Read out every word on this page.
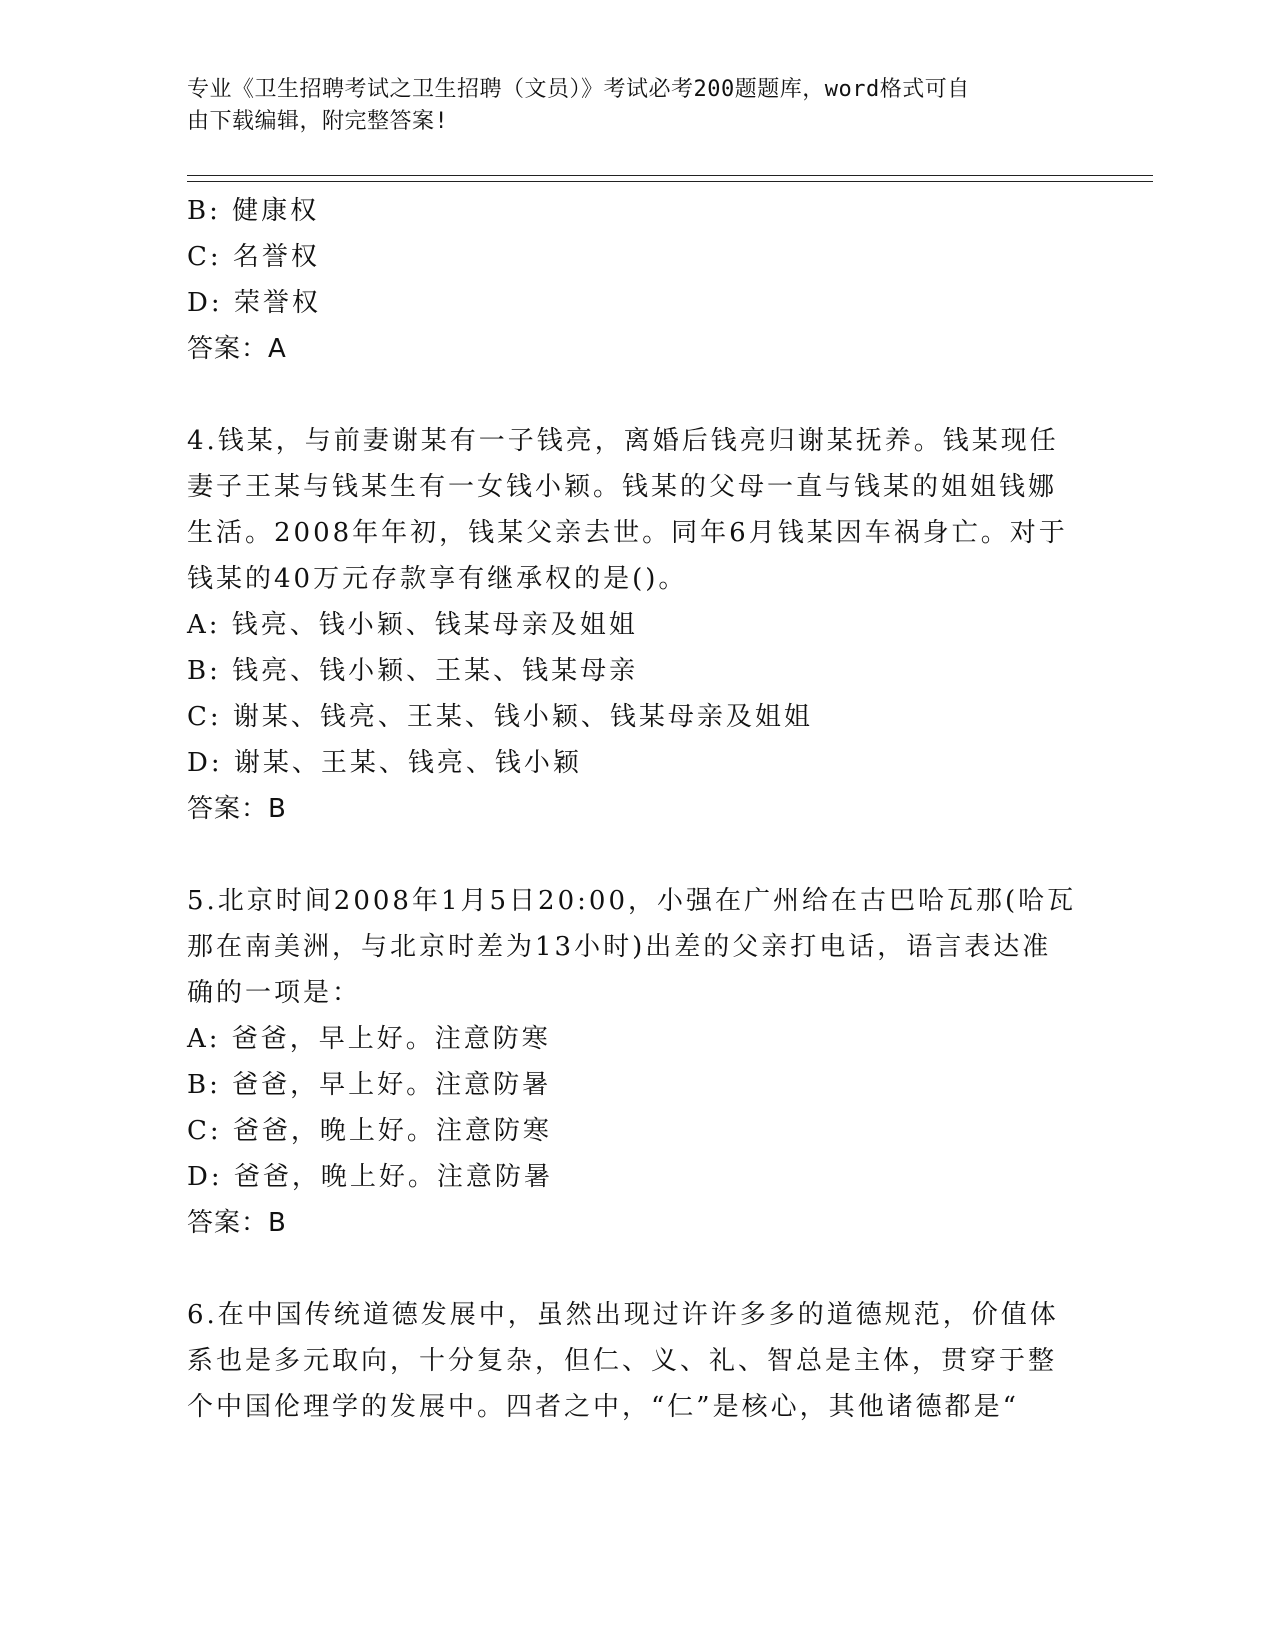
专业《卫生招聘考试之卫生招聘（文员）》考试必考200题题库，word格式可自
由下载编辑，附完整答案!
B: 健康权
C: 名誉权
D: 荣誉权
答案：A
4.钱某，与前妻谢某有一子钱亮，离婚后钱亮归谢某抚养。钱某现任
妻子王某与钱某生有一女钱小颖。钱某的父母一直与钱某的姐姐钱娜
生活。2008年年初，钱某父亲去世。同年6月钱某因车祸身亡。对于
钱某的40万元存款享有继承权的是()。
A: 钱亮、钱小颖、钱某母亲及姐姐
B: 钱亮、钱小颖、王某、钱某母亲
C: 谢某、钱亮、王某、钱小颖、钱某母亲及姐姐
D: 谢某、王某、钱亮、钱小颖
答案：B
5.北京时间2008年1月5日20:00，小强在广州给在古巴哈瓦那(哈瓦
那在南美洲，与北京时差为13小时)出差的父亲打电话，语言表达准
确的一项是：
A: 爸爸，早上好。注意防寒
B: 爸爸，早上好。注意防暑
C: 爸爸，晚上好。注意防寒
D: 爸爸，晚上好。注意防暑
答案：B
6.在中国传统道德发展中，虽然出现过许许多多的道德规范，价值体
系也是多元取向，十分复杂，但仁、义、礼、智总是主体，贯穿于整
个中国伦理学的发展中。四者之中，“仁”是核心，其他诸德都是“
